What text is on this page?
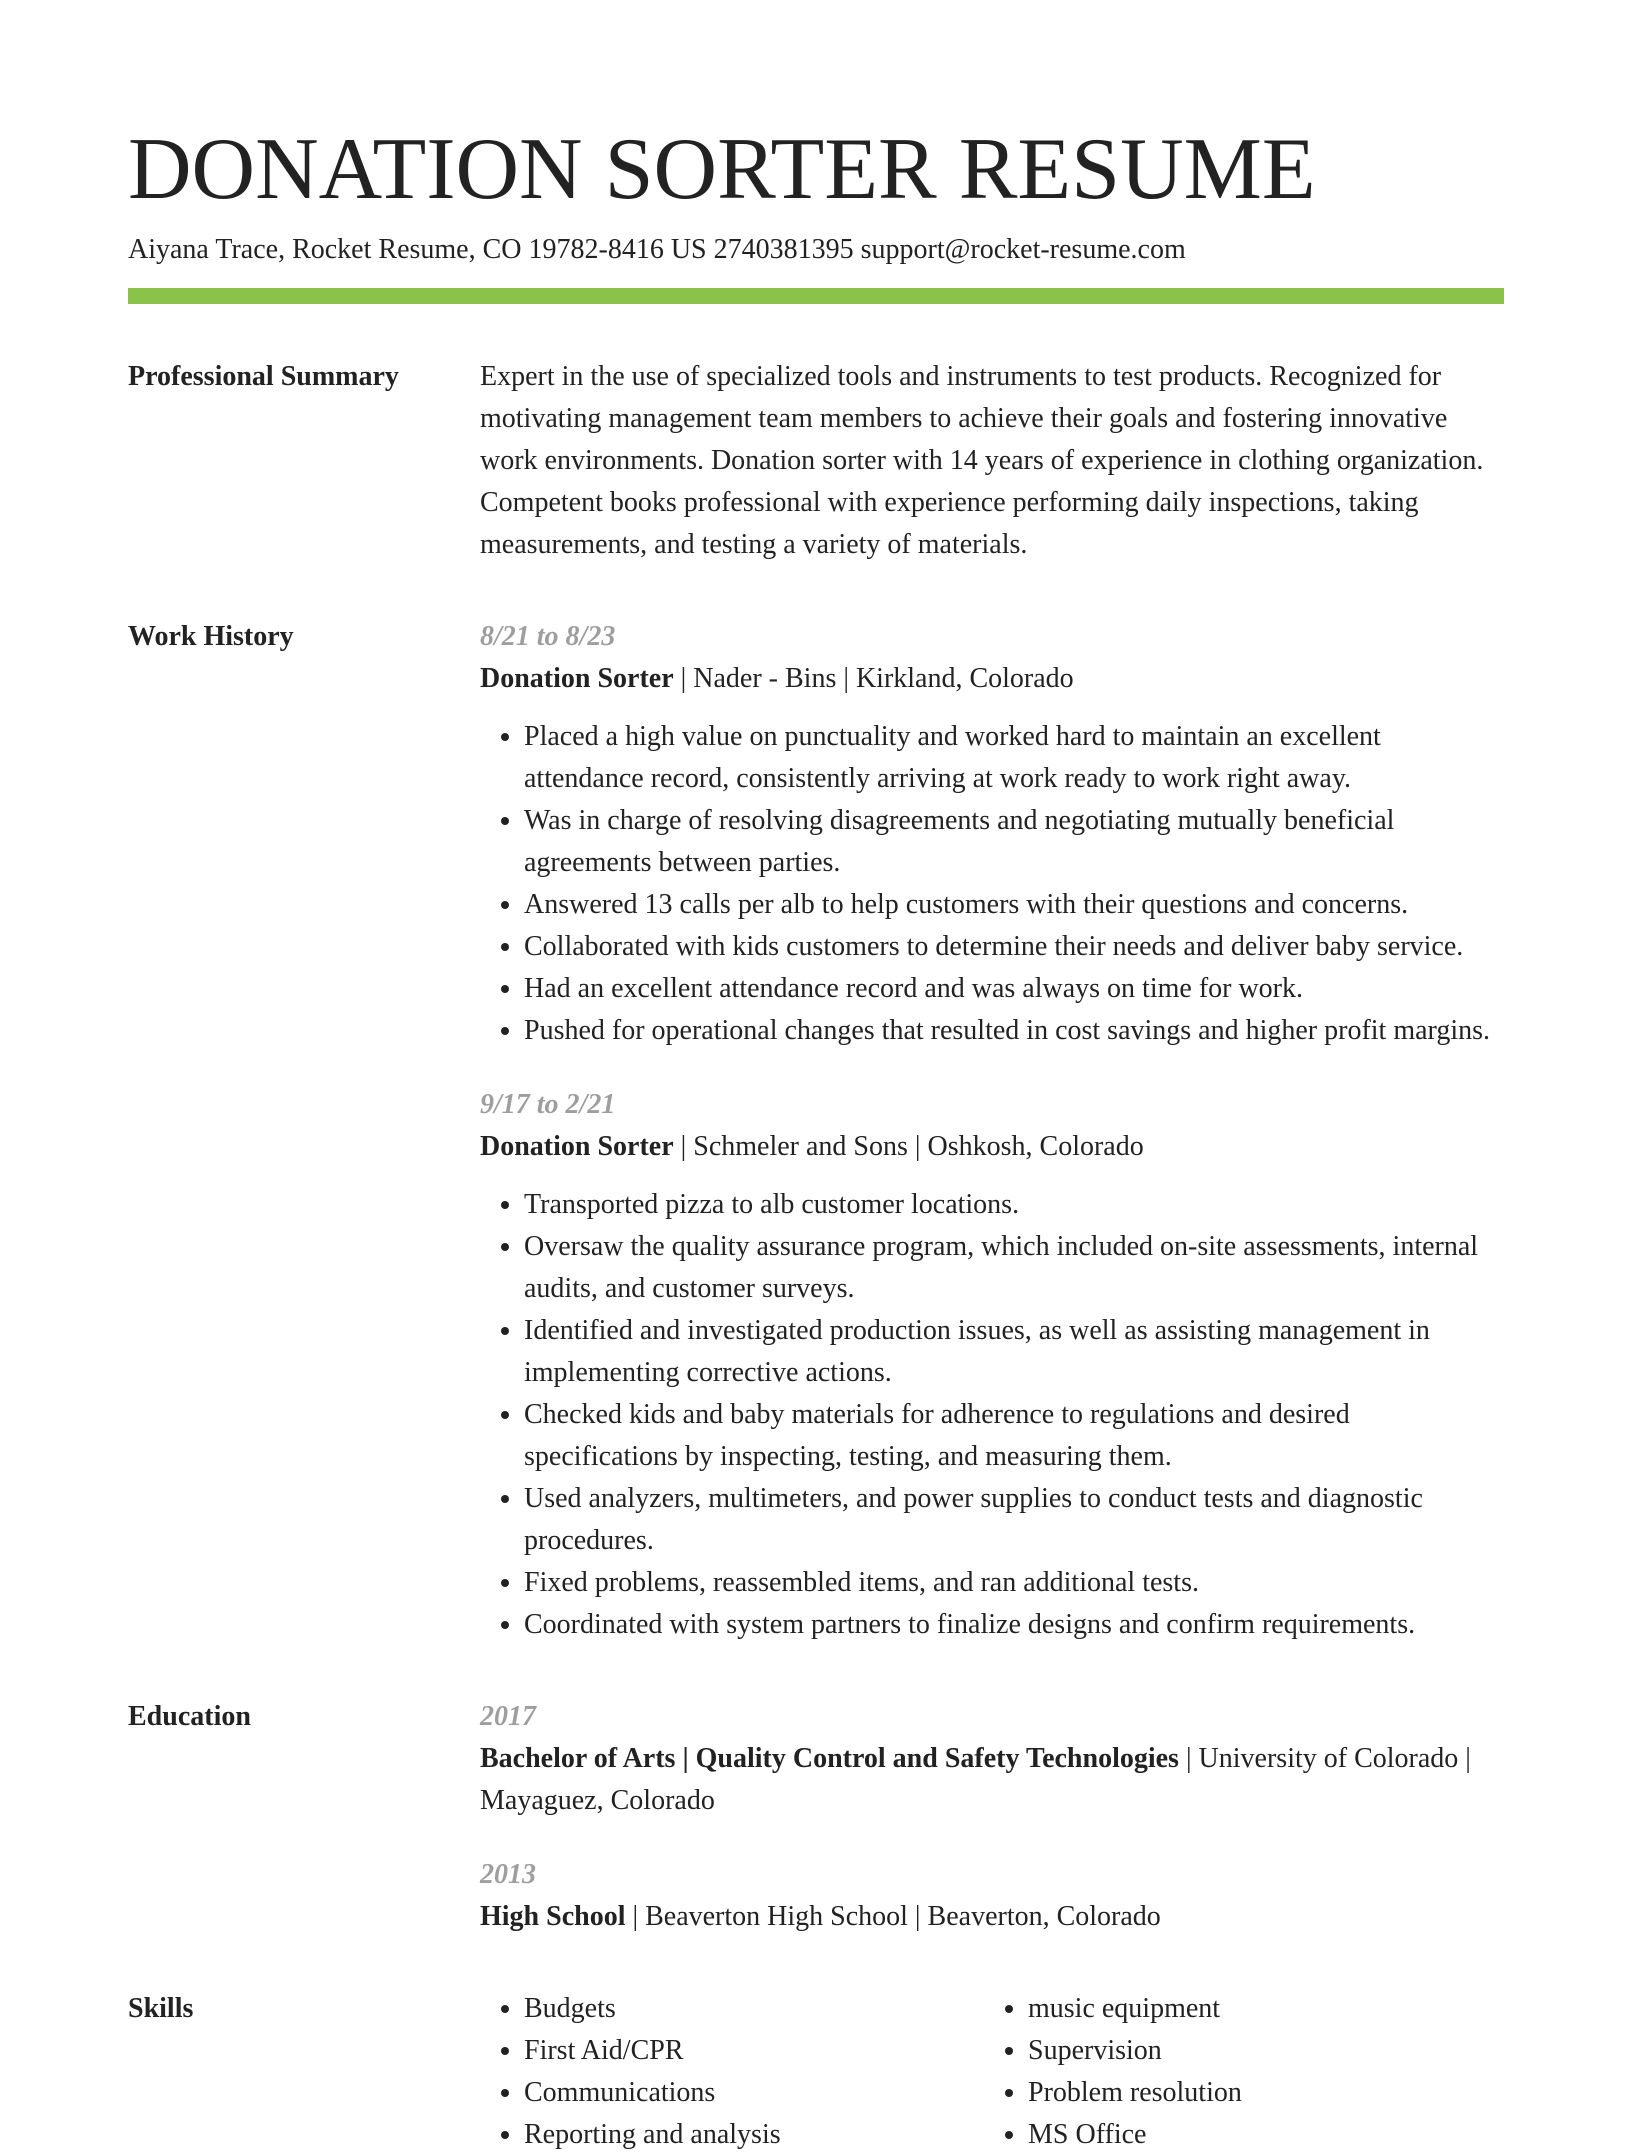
DONATION SORTER RESUME
Aiyana Trace, Rocket Resume, CO 19782-8416 US 2740381395 support@rocket-resume.com
Professional Summary	Expert in the use of specialized tools and instruments to test products. Recognized for motivating management team members to achieve their goals and fostering innovative work environments. Donation sorter with 14 years of experience in clothing organization. Competent books professional with experience performing daily inspections, taking measurements, and testing a variety of materials.

Work History	8/21 to 8/23
Donation Sorter | Nader - Bins | Kirkland, Colorado
• Placed a high value on punctuality and worked hard to maintain an excellent attendance record, consistently arriving at work ready to work right away.
• Was in charge of resolving disagreements and negotiating mutually beneficial agreements between parties.
• Answered 13 calls per alb to help customers with their questions and concerns.
• Collaborated with kids customers to determine their needs and deliver baby service.
• Had an excellent attendance record and was always on time for work.
• Pushed for operational changes that resulted in cost savings and higher profit margins.
9/17 to 2/21
Donation Sorter | Schmeler and Sons | Oshkosh, Colorado
• Transported pizza to alb customer locations.
• Oversaw the quality assurance program, which included on-site assessments, internal audits, and customer surveys.
• Identified and investigated production issues, as well as assisting management in implementing corrective actions.
• Checked kids and baby materials for adherence to regulations and desired specifications by inspecting, testing, and measuring them.
• Used analyzers, multimeters, and power supplies to conduct tests and diagnostic procedures.
• Fixed problems, reassembled items, and ran additional tests.
• Coordinated with system partners to finalize designs and confirm requirements.
Education	2017
Bachelor of Arts | Quality Control and Safety Technologies | University of Colorado | Mayaguez, Colorado
2013
High School | Beaverton High School | Beaverton, Colorado
Skills
•	Budgets
• First Aid/CPR
• Communications
• Reporting and analysis
• music equipment
• Supervision
• Problem resolution
• MS Office
